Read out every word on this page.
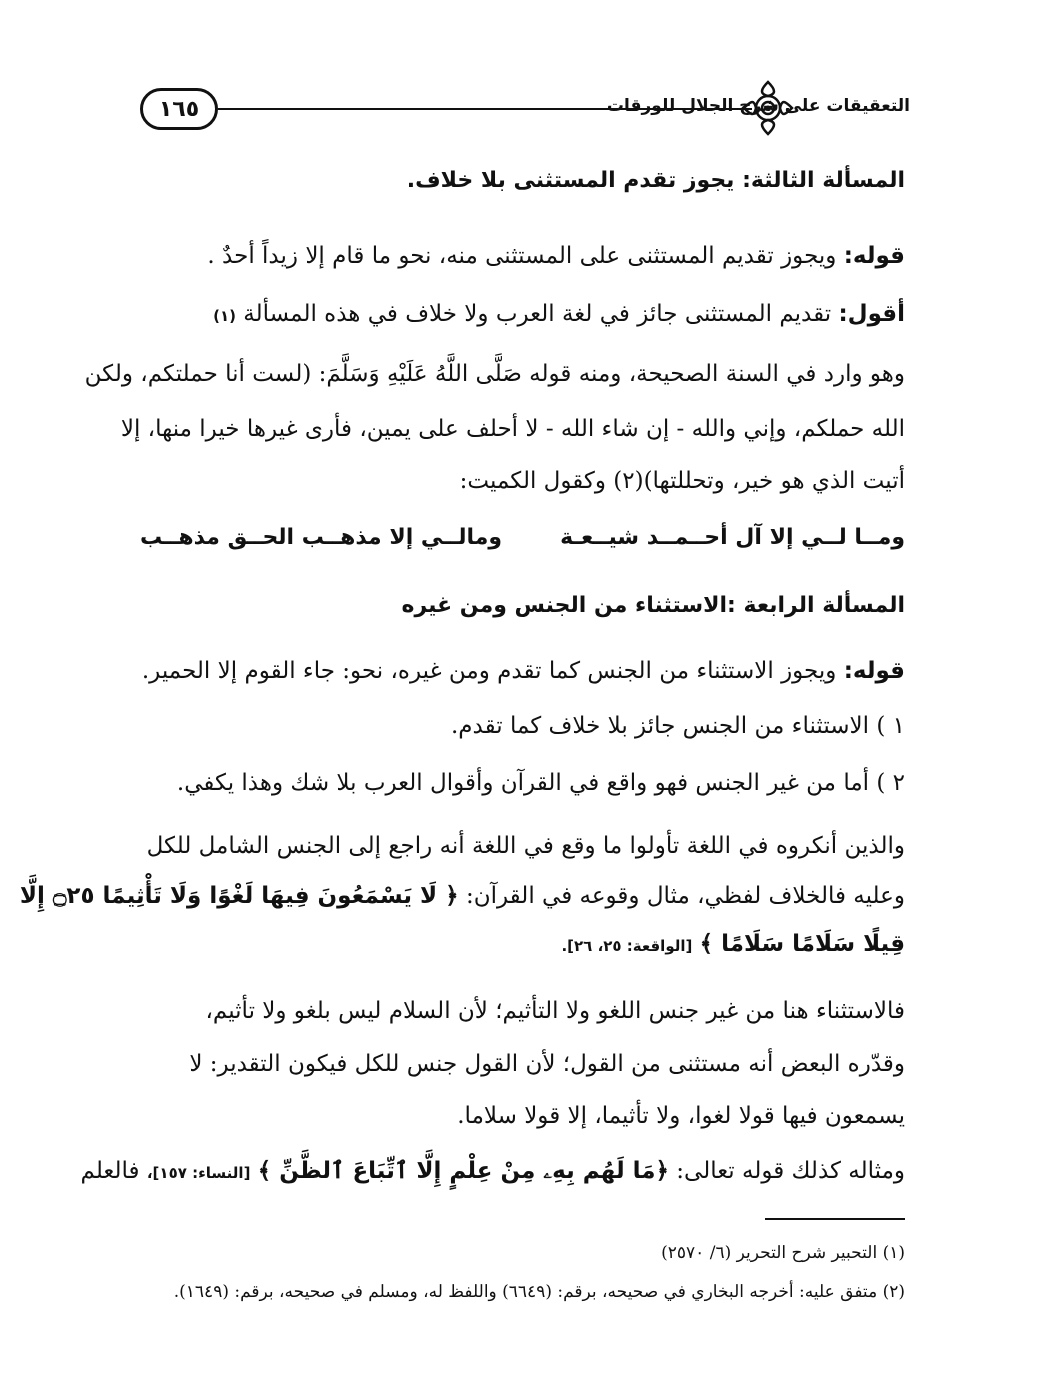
١٦٥	التعقيقات على شرح الجلال للورقات
المسألة الثالثة: يجوز تقدم المستثنى بلا خلاف.
قوله: ويجوز تقديم المستثنى على المستثنى منه، نحو ما قام إلا زيداً أحدٌ .
أقول: تقديم المستثنى جائز في لغة العرب ولا خلاف في هذه المسألة (١)
وهو وارد في السنة الصحيحة، ومنه قوله صَلَّى اللَّهُ عَلَيْهِ وَسَلَّمَ: (لست أنا حملتكم، ولكن
الله حملكم، وإني والله - إن شاء الله - لا أحلف على يمين، فأرى غيرها خيرا منها، إلا
أتيت الذي هو خير، وتحللتها)(٢) وكقول الكميت:
ومــا لــي إلا آل أحــمــد شيــعـة
ومالــي إلا مذهــب الحــق مذهــب
المسألة الرابعة :الاستثناء من الجنس ومن غيره
قوله: ويجوز الاستثناء من الجنس كما تقدم ومن غيره، نحو: جاء القوم إلا الحمير.
١ ) الاستثناء من الجنس جائز بلا خلاف كما تقدم.
٢ ) أما من غير الجنس فهو واقع في القرآن وأقوال العرب بلا شك وهذا يكفي.
والذين أنكروه في اللغة تأولوا ما وقع في اللغة أنه راجع إلى الجنس الشامل للكل
وعليه فالخلاف لفظي، مثال وقوعه في القرآن: ﴿ لَا يَسْمَعُونَ فِيهَا لَغْوًا وَلَا تَأْثِيمًا ۝٢٥ إِلَّا
قِيلًا سَلَامًا سَلَامًا ﴾ [الواقعة: ٢٥، ٢٦].
فالاستثناء هنا من غير جنس اللغو ولا التأثيم؛ لأن السلام ليس بلغو ولا تأثيم،
وقدّره البعض أنه مستثنى من القول؛ لأن القول جنس للكل فيكون التقدير: لا
يسمعون فيها قولا لغوا، ولا تأثيما، إلا قولا سلاما.
ومثاله كذلك قوله تعالى: ﴿مَا لَهُم بِهِۦ مِنْ عِلْمٍ إِلَّا ٱتِّبَاعَ ٱلظَّنِّ ﴾ [النساء: ١٥٧]، فالعلم
(١) التحبير شرح التحرير (٦/ ٢٥٧٠)
(٢) متفق عليه: أخرجه البخاري في صحيحه، برقم: (٦٦٤٩) واللفظ له، ومسلم في صحيحه، برقم: (١٦٤٩).
